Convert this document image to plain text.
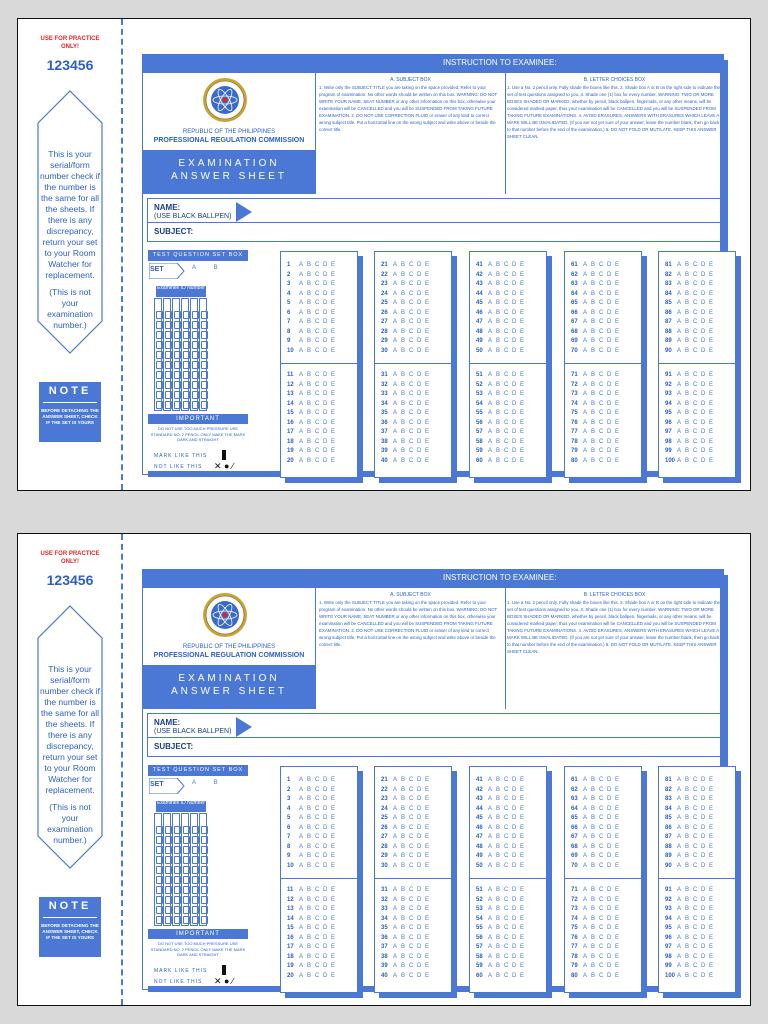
USE FOR PRACTICE ONLY!
123456
This is your serial/form number check if the number is the same for all the sheets. If there is any discrepancy, return your set to your Room Watcher for replacement.
(This is not your examination number.)
NOTE
BEFORE DETACHING THE ANSWER SHEET, CHECK IF THE SET IS YOURS
INSTRUCTION TO EXAMINEE:
REPUBLIC OF THE PHILIPPINES
PROFESSIONAL REGULATION COMMISSION
EXAMINATION
ANSWER SHEET
A. SUBJECT BOX
1. Write only the SUBJECT TITLE you are taking on the space provided. Refer to your program of examination. No other words should be written on this box. WARNING: DO NOT WRITE YOUR NAME, SEAT NUMBER or any other information on this box, otherwise your examination will be CANCELLED and you will be SUSPENDED FROM TAKING FUTURE EXAMINATION. 2. DO NOT USE CORRECTION FLUID or eraser of any kind to correct wrong subject title. Put a horizontal line on the wrong subject and write above or beside the correct title.
B. LETTER CHOICES BOX
1. Use a No. 2 pencil only. Fully shade the boxes like this. 2. Shade box A or B on the right side to indicate the set of test questions assigned to you. 3. Shade one (1) box for every number. WARNING: TWO OR MORE BOXES SHADED OR MARKED, whether by pencil, black ballpen, fingernails, or any other means, will be considered marked paper, thus your examination will be CANCELLED and you will be SUSPENDED FROM TAKING FUTURE EXAMINATIONS. 4. AVOID ERASURES, ANSWERS WITH ERASURES WHICH LEAVE A MARK WILL BE INVALIDATED. (If you are not yet sure of your answer, leave the number blank, then go back to that number before the end of the examination.) 5. DO NOT FOLD OR MUTILATE. KEEP THIS ANSWER SHEET CLEAN.
NAME:
(USE BLACK BALLPEN)
SUBJECT:
TEST QUESTION SET BOX
SET	A	B
Examinee ID Number
IMPORTANT
DO NOT USE TOO MUCH PRESSURE USE STANDARD NO. 2 PENCIL ONLY MAKE THE MARK DARK AND STRAIGHT
MARK LIKE THIS
NOT LIKE THIS ✕ ● ∕
1 A B C D E
2 A B C D E
3 A B C D E
4 A B C D E
5 A B C D E
6 A B C D E
7 A B C D E
8 A B C D E
9 A B C D E
10 A B C D E
11 A B C D E
12 A B C D E
13 A B C D E
14 A B C D E
15 A B C D E
16 A B C D E
17 A B C D E
18 A B C D E
19 A B C D E
20 A B C D E
21 A B C D E
22 A B C D E
23 A B C D E
24 A B C D E
25 A B C D E
26 A B C D E
27 A B C D E
28 A B C D E
29 A B C D E
30 A B C D E
31 A B C D E
32 A B C D E
33 A B C D E
34 A B C D E
35 A B C D E
36 A B C D E
37 A B C D E
38 A B C D E
39 A B C D E
40 A B C D E
41 A B C D E
42 A B C D E
43 A B C D E
44 A B C D E
45 A B C D E
46 A B C D E
47 A B C D E
48 A B C D E
49 A B C D E
50 A B C D E
51 A B C D E
52 A B C D E
53 A B C D E
54 A B C D E
55 A B C D E
56 A B C D E
57 A B C D E
58 A B C D E
59 A B C D E
60 A B C D E
61 A B C D E
62 A B C D E
63 A B C D E
64 A B C D E
65 A B C D E
66 A B C D E
67 A B C D E
68 A B C D E
69 A B C D E
70 A B C D E
71 A B C D E
72 A B C D E
73 A B C D E
74 A B C D E
75 A B C D E
76 A B C D E
77 A B C D E
78 A B C D E
79 A B C D E
80 A B C D E
81 A B C D E
82 A B C D E
83 A B C D E
84 A B C D E
85 A B C D E
86 A B C D E
87 A B C D E
88 A B C D E
89 A B C D E
90 A B C D E
91 A B C D E
92 A B C D E
93 A B C D E
94 A B C D E
95 A B C D E
96 A B C D E
97 A B C D E
98 A B C D E
99 A B C D E
100 A B C D E
USE FOR PRACTICE ONLY!
123456
This is your serial/form number check if the number is the same for all the sheets. If there is any discrepancy, return your set to your Room Watcher for replacement.
(This is not your examination number.)
NOTE
BEFORE DETACHING THE ANSWER SHEET, CHECK IF THE SET IS YOURS
INSTRUCTION TO EXAMINEE:
REPUBLIC OF THE PHILIPPINES
PROFESSIONAL REGULATION COMMISSION
EXAMINATION
ANSWER SHEET
A. SUBJECT BOX
1. Write only the SUBJECT TITLE you are taking on the space provided. Refer to your program of examination. No other words should be written on this box. WARNING: DO NOT WRITE YOUR NAME, SEAT NUMBER or any other information on this box, otherwise your examination will be CANCELLED and you will be SUSPENDED FROM TAKING FUTURE EXAMINATION. 2. DO NOT USE CORRECTION FLUID or eraser of any kind to correct wrong subject title. Put a horizontal line on the wrong subject and write above or beside the correct title.
B. LETTER CHOICES BOX
1. Use a No. 2 pencil only. Fully shade the boxes like this. 2. Shade box A or B on the right side to indicate the set of test questions assigned to you. 3. Shade one (1) box for every number. WARNING: TWO OR MORE BOXES SHADED OR MARKED, whether by pencil, black ballpen, fingernails, or any other means, will be considered marked paper, thus your examination will be CANCELLED and you will be SUSPENDED FROM TAKING FUTURE EXAMINATIONS. 4. AVOID ERASURES, ANSWERS WITH ERASURES WHICH LEAVE A MARK WILL BE INVALIDATED. (If you are not yet sure of your answer, leave the number blank, then go back to that number before the end of the examination.) 5. DO NOT FOLD OR MUTILATE. KEEP THIS ANSWER SHEET CLEAN.
NAME:
(USE BLACK BALLPEN)
SUBJECT:
TEST QUESTION SET BOX
SET	A	B
Examinee ID Number
IMPORTANT
DO NOT USE TOO MUCH PRESSURE USE STANDARD NO. 2 PENCIL ONLY MAKE THE MARK DARK AND STRAIGHT
MARK LIKE THIS
NOT LIKE THIS ✕ ● ∕
1 A B C D E
2 A B C D E
3 A B C D E
4 A B C D E
5 A B C D E
6 A B C D E
7 A B C D E
8 A B C D E
9 A B C D E
10 A B C D E
11 A B C D E
12 A B C D E
13 A B C D E
14 A B C D E
15 A B C D E
16 A B C D E
17 A B C D E
18 A B C D E
19 A B C D E
20 A B C D E
21 A B C D E
22 A B C D E
23 A B C D E
24 A B C D E
25 A B C D E
26 A B C D E
27 A B C D E
28 A B C D E
29 A B C D E
30 A B C D E
31 A B C D E
32 A B C D E
33 A B C D E
34 A B C D E
35 A B C D E
36 A B C D E
37 A B C D E
38 A B C D E
39 A B C D E
40 A B C D E
41 A B C D E
42 A B C D E
43 A B C D E
44 A B C D E
45 A B C D E
46 A B C D E
47 A B C D E
48 A B C D E
49 A B C D E
50 A B C D E
51 A B C D E
52 A B C D E
53 A B C D E
54 A B C D E
55 A B C D E
56 A B C D E
57 A B C D E
58 A B C D E
59 A B C D E
60 A B C D E
61 A B C D E
62 A B C D E
63 A B C D E
64 A B C D E
65 A B C D E
66 A B C D E
67 A B C D E
68 A B C D E
69 A B C D E
70 A B C D E
71 A B C D E
72 A B C D E
73 A B C D E
74 A B C D E
75 A B C D E
76 A B C D E
77 A B C D E
78 A B C D E
79 A B C D E
80 A B C D E
81 A B C D E
82 A B C D E
83 A B C D E
84 A B C D E
85 A B C D E
86 A B C D E
87 A B C D E
88 A B C D E
89 A B C D E
90 A B C D E
91 A B C D E
92 A B C D E
93 A B C D E
94 A B C D E
95 A B C D E
96 A B C D E
97 A B C D E
98 A B C D E
99 A B C D E
100 A B C D E
